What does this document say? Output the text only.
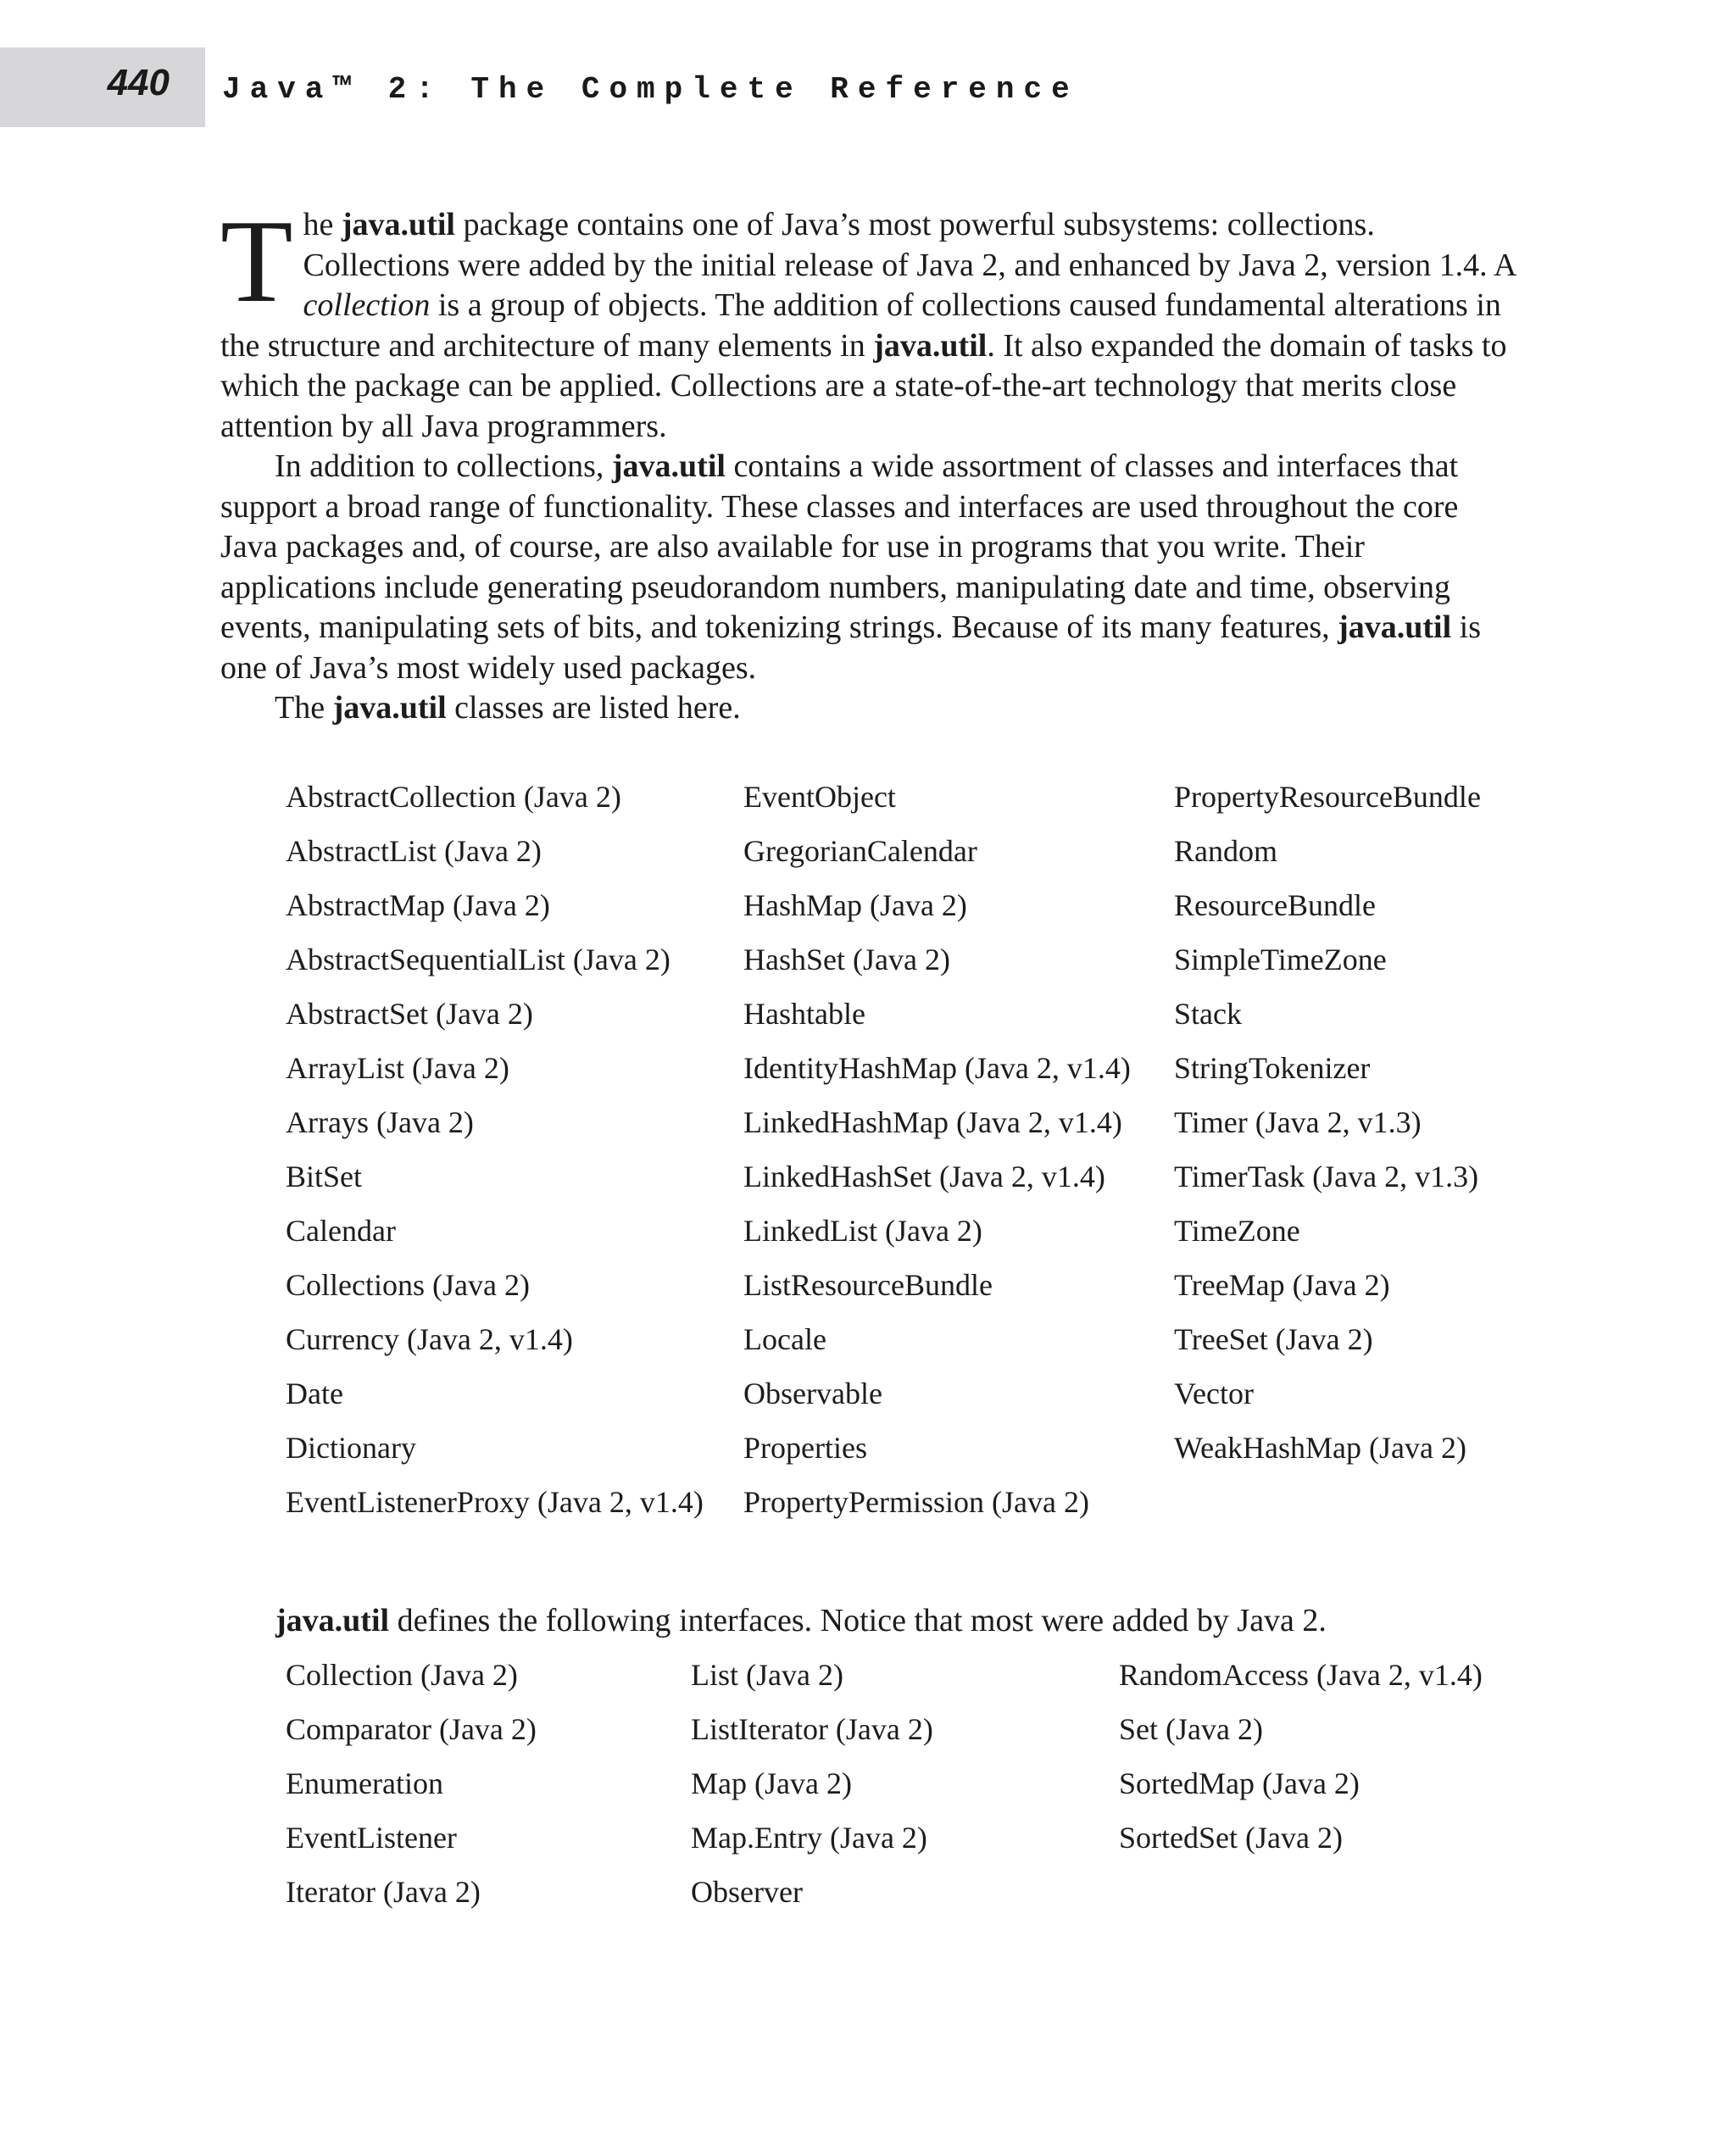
440 Java™ 2: The Complete Reference

The java.util package contains one of Java’s most powerful subsystems: collections. Collections were added by the initial release of Java 2, and enhanced by Java 2, version 1.4. A collection is a group of objects. The addition of collections caused fundamental alterations in the structure and architecture of many elements in java.util. It also expanded the domain of tasks to which the package can be applied. Collections are a state-of-the-art technology that merits close attention by all Java programmers.

In addition to collections, java.util contains a wide assortment of classes and interfaces that support a broad range of functionality. These classes and interfaces are used throughout the core Java packages and, of course, are also available for use in programs that you write. Their applications include generating pseudorandom numbers, manipulating date and time, observing events, manipulating sets of bits, and tokenizing strings. Because of its many features, java.util is one of Java’s most widely used packages.

The java.util classes are listed here.

AbstractCollection (Java 2)
AbstractList (Java 2)
AbstractMap (Java 2)
AbstractSequentialList (Java 2)
AbstractSet (Java 2)
ArrayList (Java 2)
Arrays (Java 2)
BitSet
Calendar
Collections (Java 2)
Currency (Java 2, v1.4)
Date
Dictionary
EventListenerProxy (Java 2, v1.4)
EventObject
GregorianCalendar
HashMap (Java 2)
HashSet (Java 2)
Hashtable
IdentityHashMap (Java 2, v1.4)
LinkedHashMap (Java 2, v1.4)
LinkedHashSet (Java 2, v1.4)
LinkedList (Java 2)
ListResourceBundle
Locale
Observable
Properties
PropertyPermission (Java 2)
PropertyResourceBundle
Random
ResourceBundle
SimpleTimeZone
Stack
StringTokenizer
Timer (Java 2, v1.3)
TimerTask (Java 2, v1.3)
TimeZone
TreeMap (Java 2)
TreeSet (Java 2)
Vector
WeakHashMap (Java 2)

java.util defines the following interfaces. Notice that most were added by Java 2.

Collection (Java 2)
Comparator (Java 2)
Enumeration
EventListener
Iterator (Java 2)
List (Java 2)
ListIterator (Java 2)
Map (Java 2)
Map.Entry (Java 2)
Observer
RandomAccess (Java 2, v1.4)
Set (Java 2)
SortedMap (Java 2)
SortedSet (Java 2)
